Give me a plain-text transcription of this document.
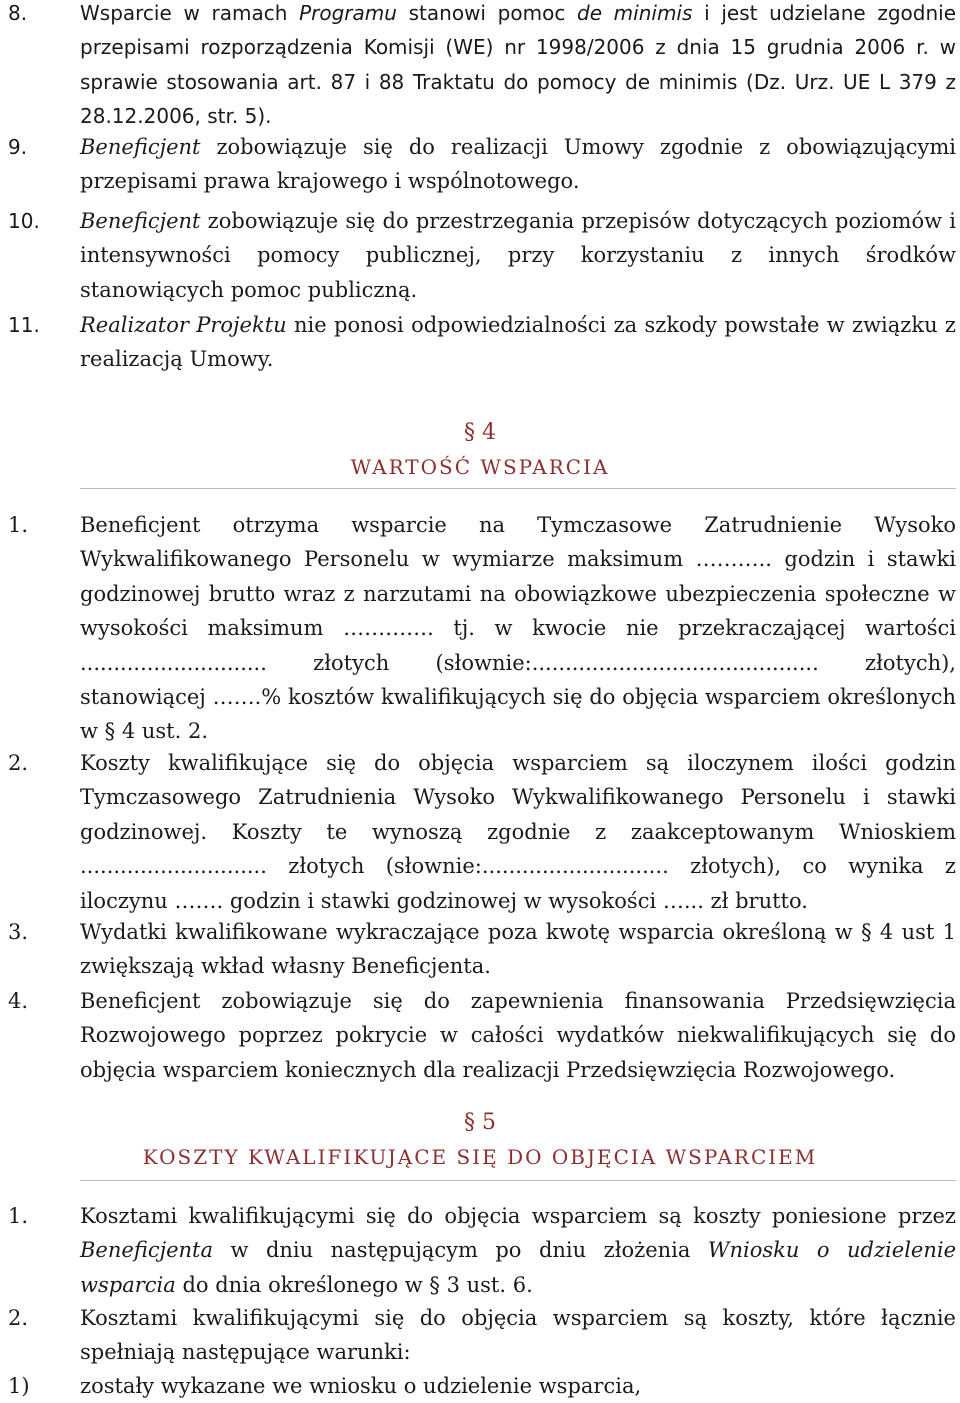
8.	Wsparcie w ramach Programu stanowi pomoc de minimis i jest udzielane zgodnie przepisami rozporządzenia Komisji (WE) nr 1998/2006 z dnia 15 grudnia 2006 r. w sprawie stosowania art. 87 i 88 Traktatu do pomocy de minimis (Dz. Urz. UE L 379 z 28.12.2006, str. 5).
9.	Beneficjent zobowiązuje się do realizacji Umowy zgodnie z obowiązującymi przepisami prawa krajowego i wspólnotowego.
10. Beneficjent zobowiązuje się do przestrzegania przepisów dotyczących poziomów i intensywności pomocy publicznej, przy korzystaniu z innych środków stanowiących pomoc publiczną.
11. Realizator Projektu nie ponosi odpowiedzialności za szkody powstałe w związku z realizacją Umowy.
§ 4
WARTOŚĆ WSPARCIA
1. Beneficjent otrzyma wsparcie na Tymczasowe Zatrudnienie Wysoko Wykwalifikowanego Personelu w wymiarze maksimum ……….. godzin i stawki godzinowej brutto wraz z narzutami na obowiązkowe ubezpieczenia społeczne w wysokości maksimum …………. tj. w kwocie nie przekraczającej wartości ............................ złotych (słownie:........................................... złotych), stanowiącej …….% kosztów kwalifikujących się do objęcia wsparciem określonych w § 4 ust. 2.
2. Koszty kwalifikujące się do objęcia wsparciem są iloczynem ilości godzin Tymczasowego Zatrudnienia Wysoko Wykwalifikowanego Personelu i stawki godzinowej. Koszty te wynoszą zgodnie z zaakceptowanym Wnioskiem ............................ złotych (słownie:............................ złotych), co wynika z iloczynu ……. godzin i stawki godzinowej w wysokości …... zł brutto.
3. Wydatki kwalifikowane wykraczające poza kwotę wsparcia określoną w § 4 ust 1 zwiększają wkład własny Beneficjenta.
4. Beneficjent zobowiązuje się do zapewnienia finansowania Przedsięwzięcia Rozwojowego poprzez pokrycie w całości wydatków niekwalifikujących się do objęcia wsparciem koniecznych dla realizacji Przedsięwzięcia Rozwojowego.
§ 5
KOSZTY KWALIFIKUJĄCE SIĘ DO OBJĘCIA WSPARCIEM
1. Kosztami kwalifikującymi się do objęcia wsparciem są koszty poniesione przez Beneficjenta w dniu następującym po dniu złożenia Wniosku o udzielenie wsparcia do dnia określonego w § 3 ust. 6.
2. Kosztami kwalifikującymi się do objęcia wsparciem są koszty, które łącznie spełniają następujące warunki:
1) zostały wykazane we wniosku o udzielenie wsparcia,
